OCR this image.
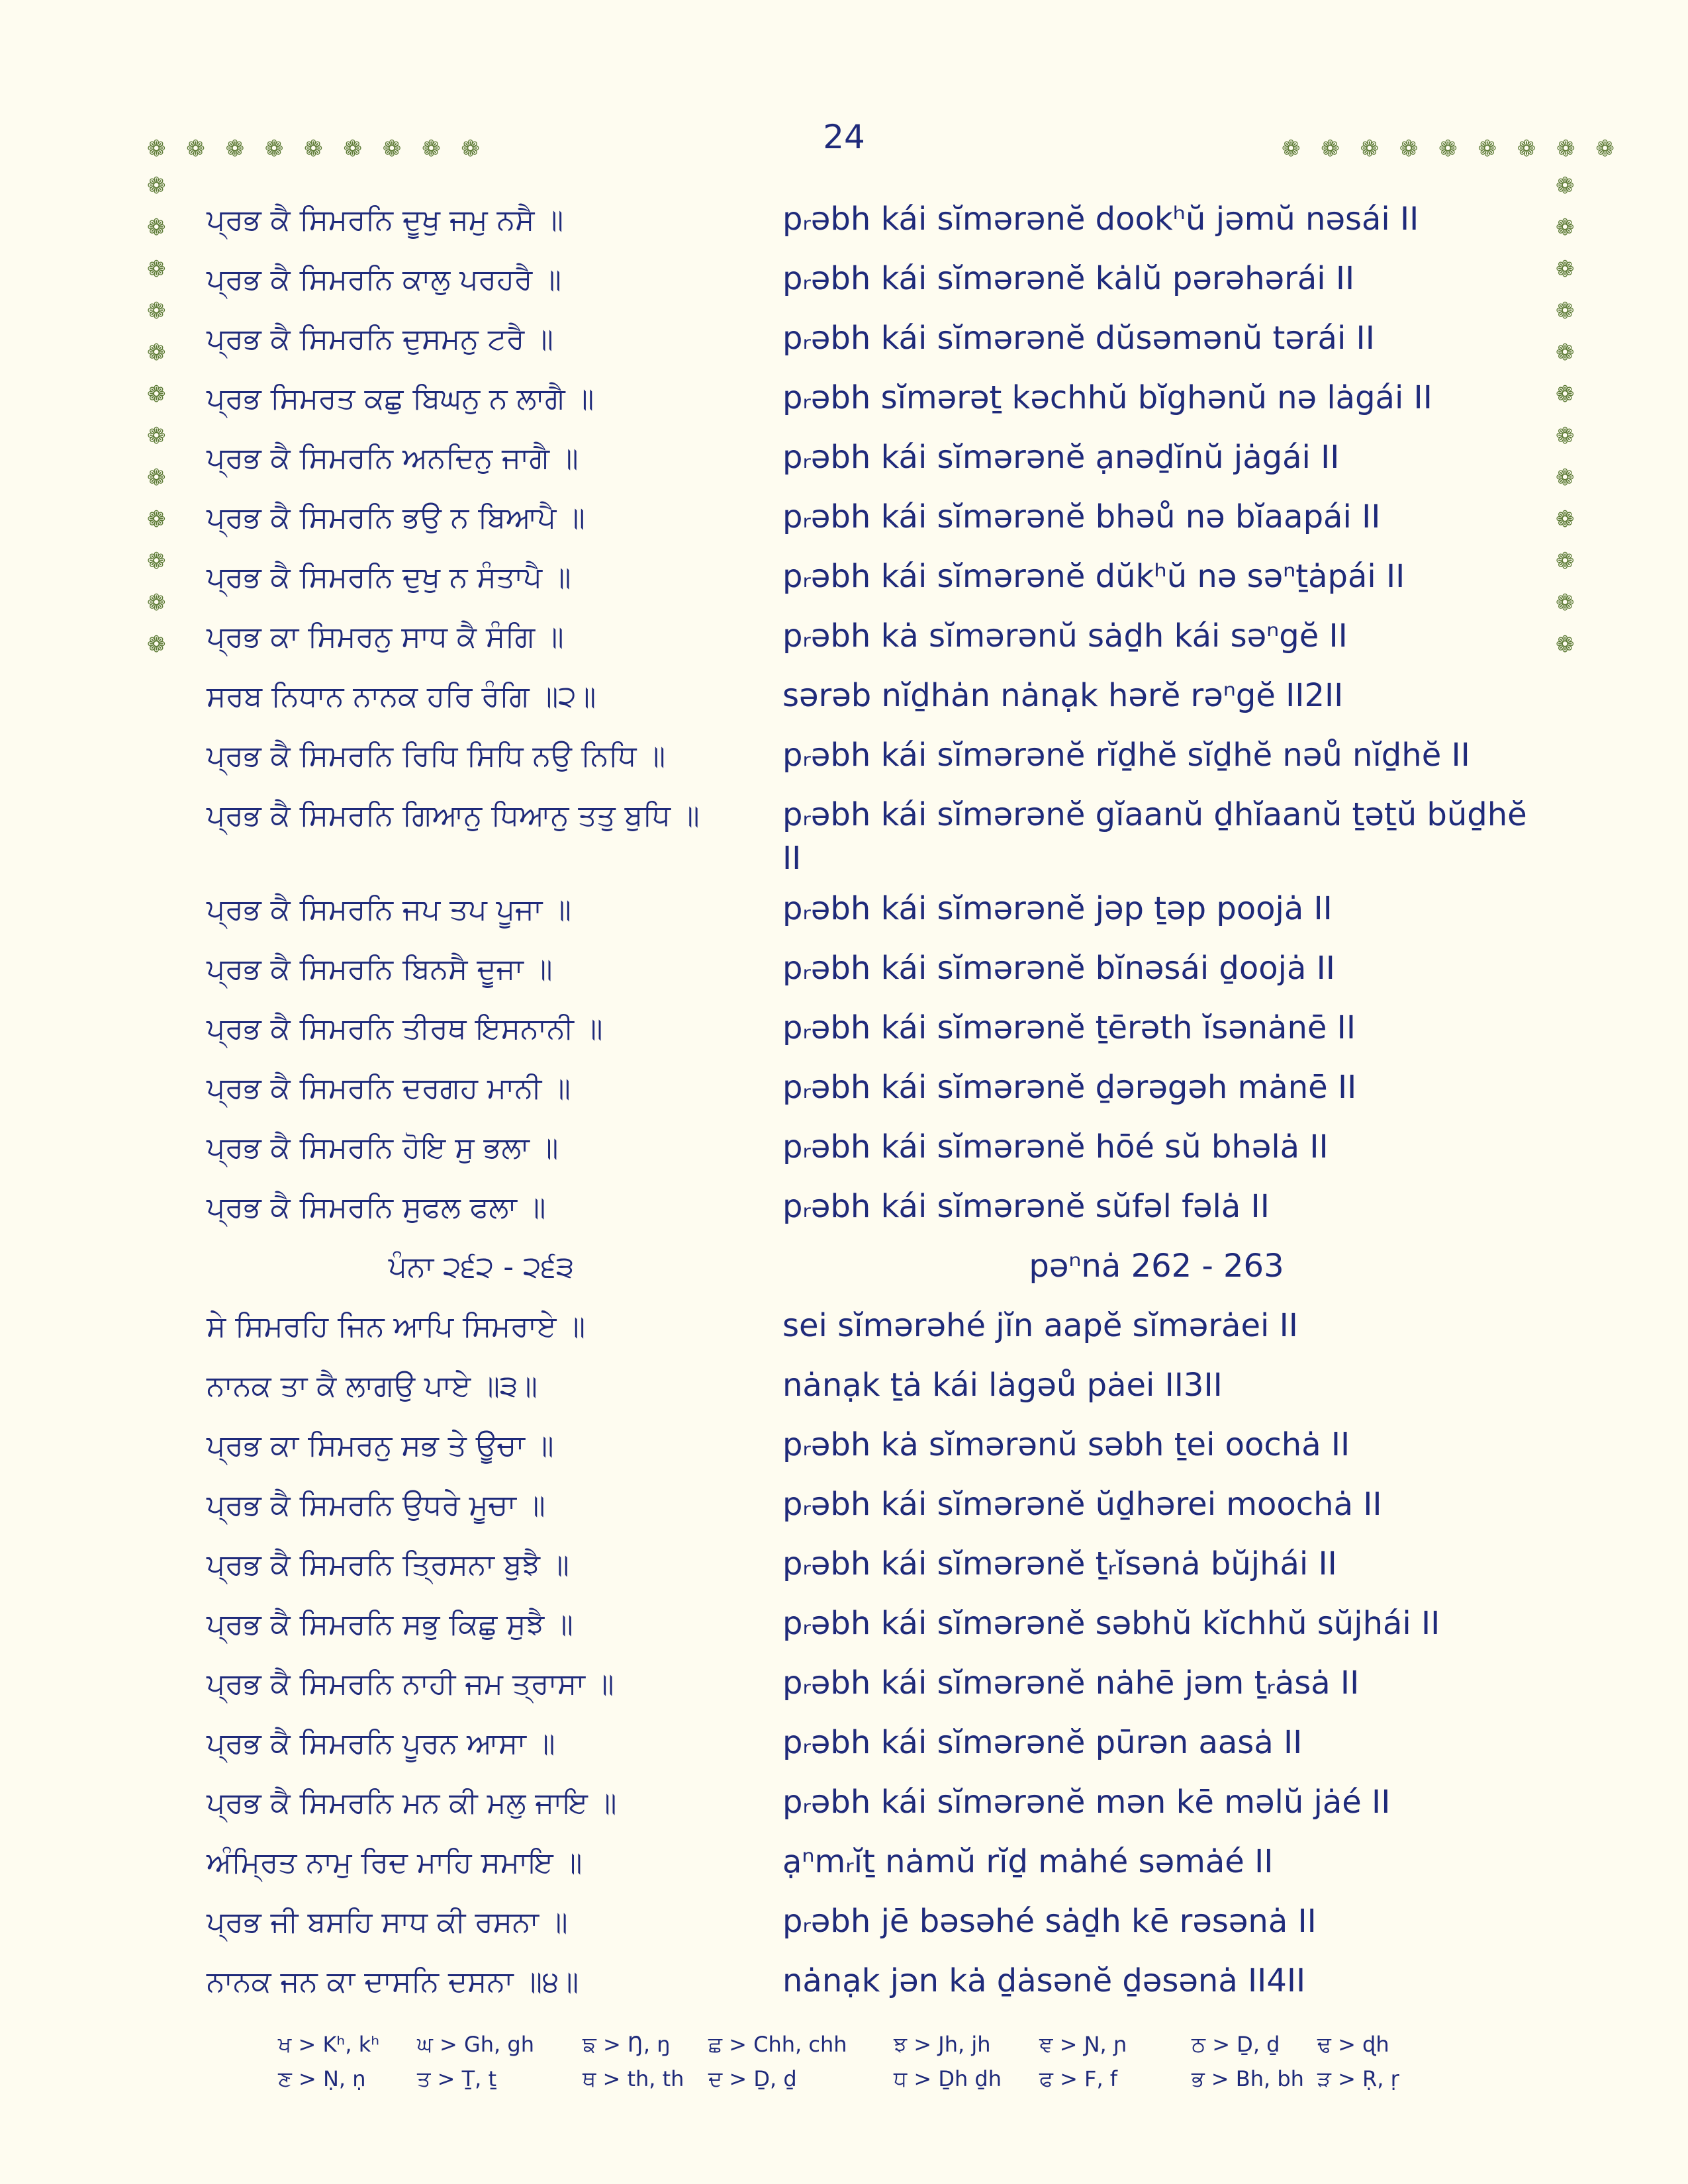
24
❁ ❁ ❁ ❁ ❁ ❁ ❁ ❁ ❁	❁ ❁ ❁ ❁ ❁ ❁ ❁ ❁ ❁
❁
❁
❁
❁
❁
❁
❁
❁
❁
❁
❁
❁
❁
❁
❁
❁
❁
❁
❁
❁
❁
❁
❁
❁
ਪ੍ਰਭ ਕੈ ਸਿਮਰਨਿ ਦੂਖੁ ਜਮੁ ਨਸੈ ॥	pᵣəbh kái sĭmərənĕ dookʰŭ jəmŭ nəsái II
ਪ੍ਰਭ ਕੈ ਸਿਮਰਨਿ ਕਾਲੁ ਪਰਹਰੈ ॥	pᵣəbh kái sĭmərənĕ kȧlŭ pərəhərái II
ਪ੍ਰਭ ਕੈ ਸਿਮਰਨਿ ਦੁਸਮਨੁ ਟਰੈ ॥	pᵣəbh kái sĭmərənĕ dŭsəmənŭ tərái II
ਪ੍ਰਭ ਸਿਮਰਤ ਕਛੁ ਬਿਘਨੁ ਨ ਲਾਗੈ ॥	pᵣəbh sĭmərəṯ kəchhŭ bĭghənŭ nə lȧgái II
ਪ੍ਰਭ ਕੈ ਸਿਮਰਨਿ ਅਨਦਿਨੁ ਜਾਗੈ ॥	pᵣəbh kái sĭmərənĕ ạnəḏĭnŭ jȧgái II
ਪ੍ਰਭ ਕੈ ਸਿਮਰਨਿ ਭਉ ਨ ਬਿਆਪੈ ॥	pᵣəbh kái sĭmərənĕ bhəů nə bĭaapái II
ਪ੍ਰਭ ਕੈ ਸਿਮਰਨਿ ਦੁਖੁ ਨ ਸੰਤਾਪੈ ॥	pᵣəbh kái sĭmərənĕ dŭkʰŭ nə səⁿṯȧpái II
ਪ੍ਰਭ ਕਾ ਸਿਮਰਨੁ ਸਾਧ ਕੈ ਸੰਗਿ ॥	pᵣəbh kȧ sĭmərənŭ sȧḏh kái səⁿgĕ II
ਸਰਬ ਨਿਧਾਨ ਨਾਨਕ ਹਰਿ ਰੰਗਿ ॥੨॥	sərəb nĭḏhȧn nȧnạk hərĕ rəⁿgĕ II2II
ਪ੍ਰਭ ਕੈ ਸਿਮਰਨਿ ਰਿਧਿ ਸਿਧਿ ਨਉ ਨਿਧਿ ॥	pᵣəbh kái sĭmərənĕ rĭḏhĕ sĭḏhĕ nəů nĭḏhĕ II
ਪ੍ਰਭ ਕੈ ਸਿਮਰਨਿ ਗਿਆਨੁ ਧਿਆਨੁ ਤਤੁ ਬੁਧਿ ॥	pᵣəbh kái sĭmərənĕ gĭaanŭ ḏhĭaanŭ ṯəṯŭ bŭḏhĕ II
ਪ੍ਰਭ ਕੈ ਸਿਮਰਨਿ ਜਪ ਤਪ ਪੂਜਾ ॥	pᵣəbh kái sĭmərənĕ jəp ṯəp poojȧ II
ਪ੍ਰਭ ਕੈ ਸਿਮਰਨਿ ਬਿਨਸੈ ਦੂਜਾ ॥	pᵣəbh kái sĭmərənĕ bĭnəsái ḏoojȧ II
ਪ੍ਰਭ ਕੈ ਸਿਮਰਨਿ ਤੀਰਥ ਇਸਨਾਨੀ ॥	pᵣəbh kái sĭmərənĕ ṯērəth ĭsənȧnē II
ਪ੍ਰਭ ਕੈ ਸਿਮਰਨਿ ਦਰਗਹ ਮਾਨੀ ॥	pᵣəbh kái sĭmərənĕ ḏərəgəh mȧnē II
ਪ੍ਰਭ ਕੈ ਸਿਮਰਨਿ ਹੋਇ ਸੁ ਭਲਾ ॥	pᵣəbh kái sĭmərənĕ hōé sŭ bhəlȧ II
ਪ੍ਰਭ ਕੈ ਸਿਮਰਨਿ ਸੁਫਲ ਫਲਾ ॥	pᵣəbh kái sĭmərənĕ sŭfəl fəlȧ II
ਪੰਨਾ ੨੬੨ - ੨੬੩	pəⁿnȧ 262 - 263
ਸੇ ਸਿਮਰਹਿ ਜਿਨ ਆਪਿ ਸਿਮਰਾਏ ॥	sei sĭmərəhé jĭn aapĕ sĭmərȧei II
ਨਾਨਕ ਤਾ ਕੈ ਲਾਗਉ ਪਾਏ ॥੩॥	nȧnạk ṯȧ kái lȧgəů pȧei II3II
ਪ੍ਰਭ ਕਾ ਸਿਮਰਨੁ ਸਭ ਤੇ ਊਚਾ ॥	pᵣəbh kȧ sĭmərənŭ səbh ṯei oochȧ II
ਪ੍ਰਭ ਕੈ ਸਿਮਰਨਿ ਉਧਰੇ ਮੂਚਾ ॥	pᵣəbh kái sĭmərənĕ ŭḏhərei moochȧ II
ਪ੍ਰਭ ਕੈ ਸਿਮਰਨਿ ਤ੍ਰਿਸਨਾ ਬੁਝੈ ॥	pᵣəbh kái sĭmərənĕ ṯᵣĭsənȧ bŭjhái II
ਪ੍ਰਭ ਕੈ ਸਿਮਰਨਿ ਸਭੁ ਕਿਛੁ ਸੁਝੈ ॥	pᵣəbh kái sĭmərənĕ səbhŭ kĭchhŭ sŭjhái II
ਪ੍ਰਭ ਕੈ ਸਿਮਰਨਿ ਨਾਹੀ ਜਮ ਤ੍ਰਾਸਾ ॥	pᵣəbh kái sĭmərənĕ nȧhē jəm ṯᵣȧsȧ II
ਪ੍ਰਭ ਕੈ ਸਿਮਰਨਿ ਪੂਰਨ ਆਸਾ ॥	pᵣəbh kái sĭmərənĕ pūrən aasȧ II
ਪ੍ਰਭ ਕੈ ਸਿਮਰਨਿ ਮਨ ਕੀ ਮਲੁ ਜਾਇ ॥	pᵣəbh kái sĭmərənĕ mən kē məlŭ jȧé II
ਅੰਮ੍ਰਿਤ ਨਾਮੁ ਰਿਦ ਮਾਹਿ ਸਮਾਇ ॥	ạⁿmᵣĭṯ nȧmŭ rĭḏ mȧhé səmȧé II
ਪ੍ਰਭ ਜੀ ਬਸਹਿ ਸਾਧ ਕੀ ਰਸਨਾ ॥	pᵣəbh jē bəsəhé sȧḏh kē rəsənȧ II
ਨਾਨਕ ਜਨ ਕਾ ਦਾਸਨਿ ਦਸਨਾ ॥੪॥	nȧnạk jən kȧ ḏȧsənĕ ḏəsənȧ II4II
ਖ > Kʰ, kʰ ਘ > Gh, gh ਙ > Ŋ, ŋ ਛ > Chh, chh ਝ > Jh, jh ਞ > Ɲ, ɲ	ਠ > Ḏ, ḏ ਢ > ɖh
ਣ > Ṇ, ṇ ਤ > Ṯ, ṯ	ਥ > th, th ਦ > Ḏ, ḏ	ਧ > Ḏh ḏh ਫ > F, f	ਭ > Bh, bh ੜ > Ṛ, ṛ
